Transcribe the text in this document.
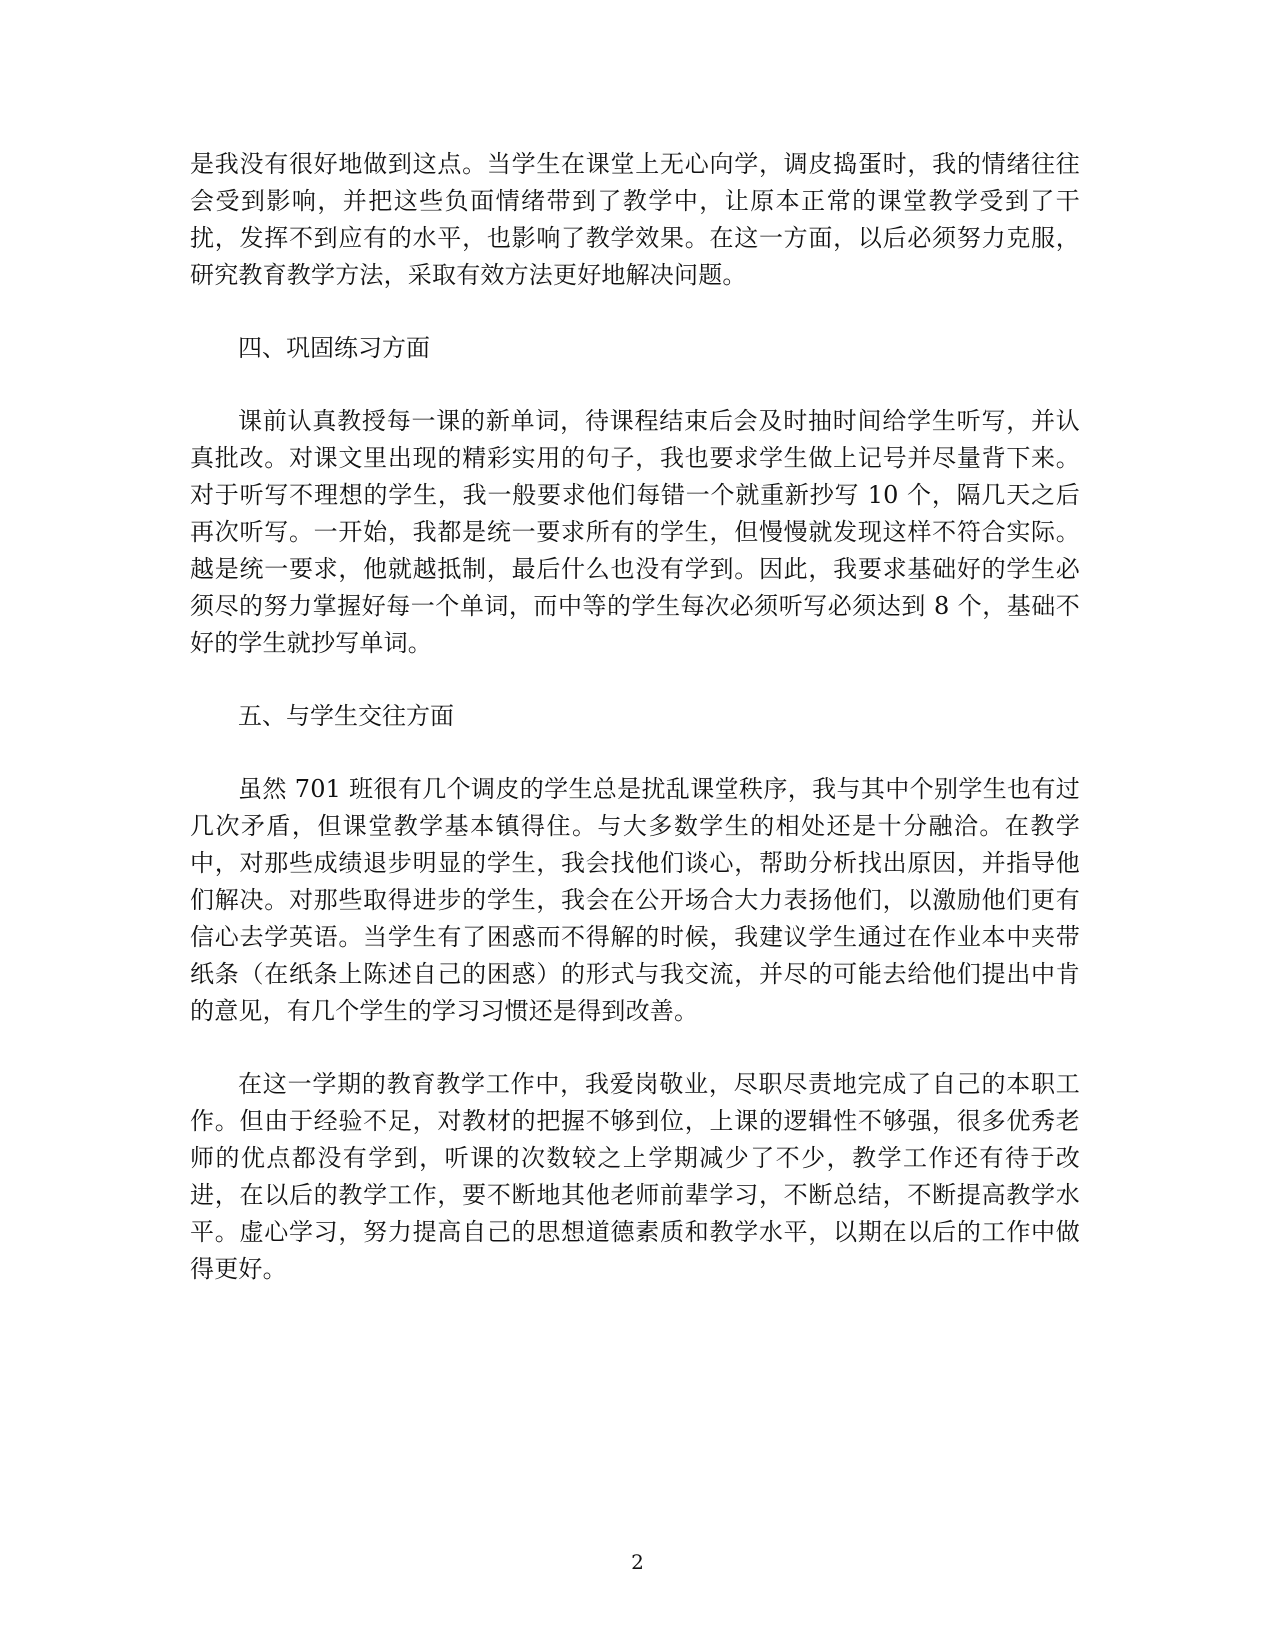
是我没有很好地做到这点。当学生在课堂上无心向学，调皮捣蛋时，我的情绪往往会受到影响，并把这些负面情绪带到了教学中，让原本正常的课堂教学受到了干扰，发挥不到应有的水平，也影响了教学效果。在这一方面，以后必须努力克服，研究教育教学方法，采取有效方法更好地解决问题。

四、巩固练习方面

课前认真教授每一课的新单词，待课程结束后会及时抽时间给学生听写，并认真批改。对课文里出现的精彩实用的句子，我也要求学生做上记号并尽量背下来。对于听写不理想的学生，我一般要求他们每错一个就重新抄写 10 个，隔几天之后再次听写。一开始，我都是统一要求所有的学生，但慢慢就发现这样不符合实际。越是统一要求，他就越抵制，最后什么也没有学到。因此，我要求基础好的学生必须尽的努力掌握好每一个单词，而中等的学生每次必须听写必须达到 8 个，基础不好的学生就抄写单词。

五、与学生交往方面

虽然 701 班很有几个调皮的学生总是扰乱课堂秩序，我与其中个别学生也有过几次矛盾，但课堂教学基本镇得住。与大多数学生的相处还是十分融洽。在教学中，对那些成绩退步明显的学生，我会找他们谈心，帮助分析找出原因，并指导他们解决。对那些取得进步的学生，我会在公开场合大力表扬他们，以激励他们更有信心去学英语。当学生有了困惑而不得解的时候，我建议学生通过在作业本中夹带纸条（在纸条上陈述自己的困惑）的形式与我交流，并尽的可能去给他们提出中肯的意见，有几个学生的学习习惯还是得到改善。

在这一学期的教育教学工作中，我爱岗敬业，尽职尽责地完成了自己的本职工作。但由于经验不足，对教材的把握不够到位，上课的逻辑性不够强，很多优秀老师的优点都没有学到，听课的次数较之上学期减少了不少，教学工作还有待于改进，在以后的教学工作，要不断地其他老师前辈学习，不断总结，不断提高教学水平。虚心学习，努力提高自己的思想道德素质和教学水平，以期在以后的工作中做得更好。

2
